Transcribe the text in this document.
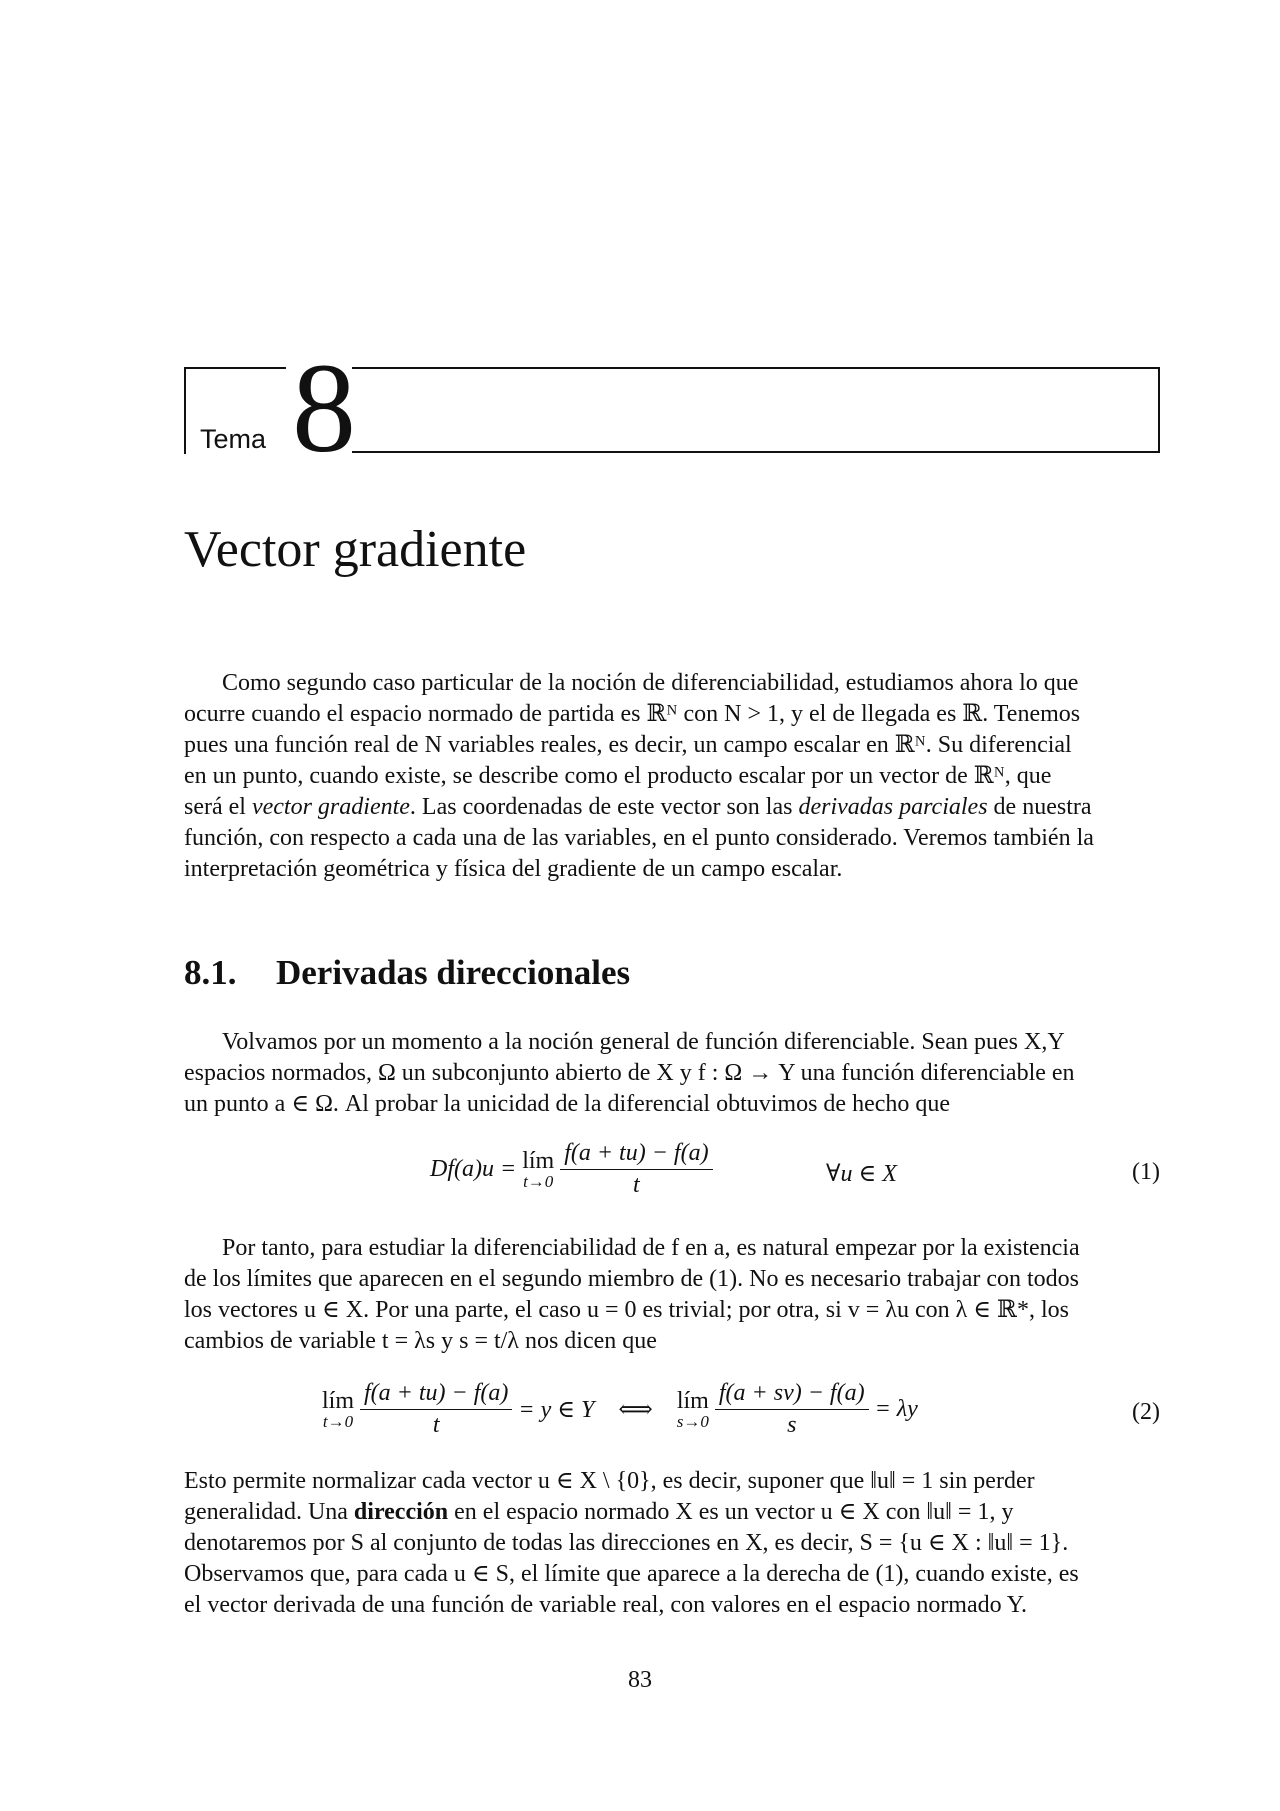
Tema 8
Vector gradiente

Como segundo caso particular de la noción de diferenciabilidad, estudiamos ahora lo que

ocurre cuando el espacio normado de partida es ℝᴺ con N > 1, y el de llegada es ℝ. Tenemos

pues una función real de N variables reales, es decir, un campo escalar en ℝᴺ. Su diferencial

en un punto, cuando existe, se describe como el producto escalar por un vector de ℝᴺ, que

será el vector gradiente. Las coordenadas de este vector son las derivadas parciales de nuestra

función, con respecto a cada una de las variables, en el punto considerado. Veremos también la

interpretación geométrica y física del gradiente de un campo escalar.

8.1. Derivadas direccionales

Volvamos por un momento a la noción general de función diferenciable. Sean pues X,Y

espacios normados, Ω un subconjunto abierto de X y f : Ω → Y una función diferenciable en

un punto a ∈ Ω. Al probar la unicidad de la diferencial obtuvimos de hecho que

Df(a)u = lím
t→0
$\frac{f(a + tu) - f(a)}{t}$	∀u ∈ X	(1)

Por tanto, para estudiar la diferenciabilidad de f en a, es natural empezar por la existencia

de los límites que aparecen en el segundo miembro de (1). No es necesario trabajar con todos

los vectores u ∈ X. Por una parte, el caso u = 0 es trivial; por otra, si v = λu con λ ∈ ℝ*, los

cambios de variable t = λs y s = t/λ nos dicen que

lím
t→0
$\frac{f(a + tu) - f(a)}{t} = y$ ∈ Y ⟺ lím
s→0
$\frac{f(a + sv) - f(a)}{s} = \lambda y$	(2)

Esto permite normalizar cada vector u ∈ X \ {0}, es decir, suponer que ‖u‖ = 1 sin perder

generalidad. Una dirección en el espacio normado X es un vector u ∈ X con ‖u‖ = 1, y

denotaremos por S al conjunto de todas las direcciones en X, es decir, S = {u ∈ X : ‖u‖ = 1}.

Observamos que, para cada u ∈ S, el límite que aparece a la derecha de (1), cuando existe, es

el vector derivada de una función de variable real, con valores en el espacio normado Y.

83
